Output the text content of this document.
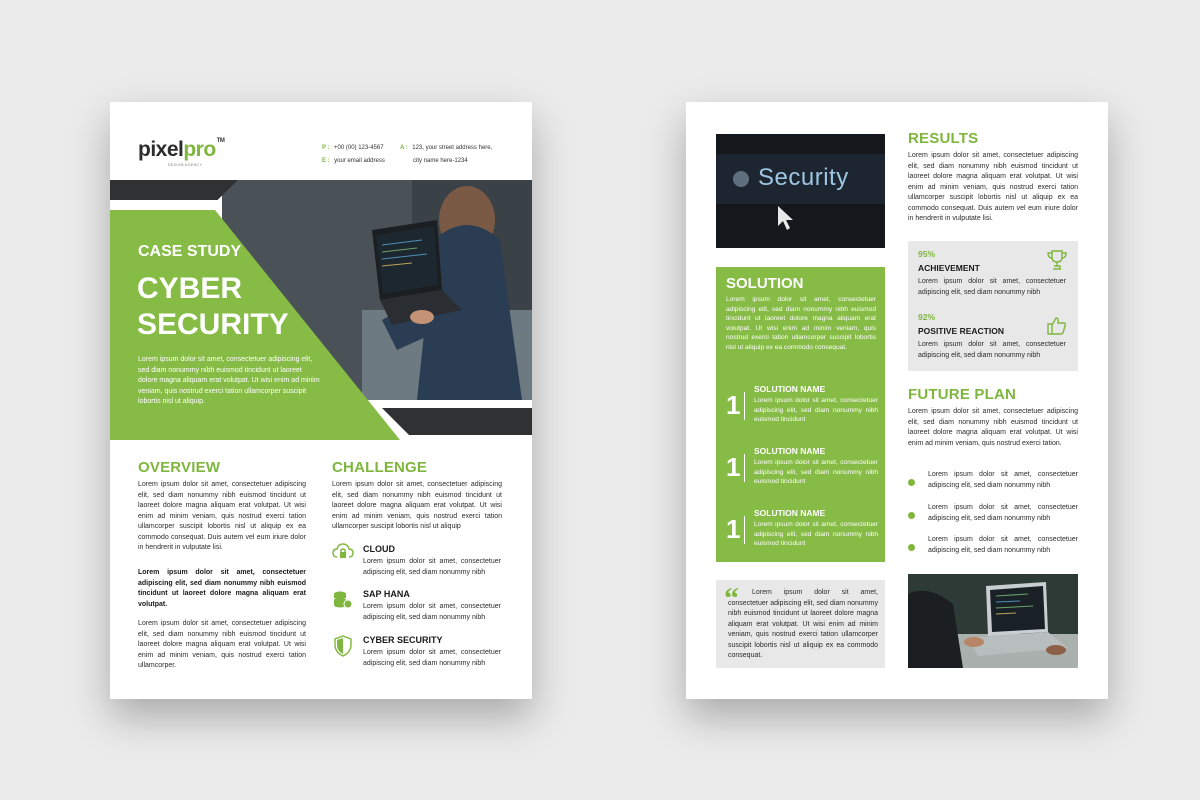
pixelpro™
DESIGN AGENCY
P : +00 (00) 123-4567
E : your email address
A : 123, your street address here,
city name here-1234
CASE STUDY
CYBER
SECURITY
Lorem ipsum dolor sit amet, consectetuer adipiscing elit, sed diam nonummy nibh euismod tincidunt ut laoreet dolore magna aliquam erat volutpat. Ut wisi enim ad minim veniam, quis nostrud exerci tation ullamcorper suscipit lobortis nisl ut aliquip.
OVERVIEW
Lorem ipsum dolor sit amet, consectetuer adipiscing elit, sed diam nonummy nibh euismod tincidunt ut laoreet dolore magna aliquam erat volutpat. Ut wisi enim ad minim veniam, quis nostrud exerci tation ullamcorper suscipit lobortis nisl ut aliquip ex ea commodo consequat. Duis autem vel eum iriure dolor in hendrerit in vulputate lisi.
Lorem ipsum dolor sit amet, consectetuer adipiscing elit, sed diam nonummy nibh euismod tincidunt ut laoreet dolore magna aliquam erat volutpat.
Lorem ipsum dolor sit amet, consectetuer adipiscing elit, sed diam nonummy nibh euismod tincidunt ut laoreet dolore magna aliquam erat volutpat. Ut wisi enim ad minim veniam, quis nostrud exerci tation ullamcorper.
CHALLENGE
Lorem ipsum dolor sit amet, consectetuer adipiscing elit, sed diam nonummy nibh euismod tincidunt ut laoreet dolore magna aliquam erat volutpat. Ut wisi enim ad minim veniam, quis nostrud exerci tation ullamcorper suscipit lobortis nisl ut aliquip
CLOUD
Lorem ipsum dolor sit amet, consectetuer adipiscing elit, sed diam nonummy nibh
SAP HANA
Lorem ipsum dolor sit amet, consectetuer adipiscing elit, sed diam nonummy nibh
CYBER SECURITY
Lorem ipsum dolor sit amet, consectetuer adipiscing elit, sed diam nonummy nibh
Security
SOLUTION
Lorem ipsum dolor sit amet, consectetuer adipiscing elit, sed diam nonummy nibh euismod tincidunt ut laoreet dolore magna aliquam erat volutpat. Ut wisi enim ad minim veniam, quis nostrud exerci tation ullamcorper suscipit lobortis nisl ut aliquip ex ea commodo consequat.
1
SOLUTION NAME
Lorem ipsum dolor sit amet, consectetuer adipiscing elit, sed diam nonummy nibh euismod tincidunt
1
SOLUTION NAME
Lorem ipsum dolor sit amet, consectetuer adipiscing elit, sed diam nonummy nibh euismod tincidunt
1
SOLUTION NAME
Lorem ipsum dolor sit amet, consectetuer adipiscing elit, sed diam nonummy nibh euismod tincidunt
“	Lorem ipsum dolor sit amet, consectetuer adipiscing elit, sed diam nonummy nibh euismod tincidunt ut laoreet dolore magna aliquam erat volutpat. Ut wisi enim ad minim veniam, quis nostrud exerci tation ullamcorper suscipit lobortis nisl ut aliquip ex ea commodo consequat.
RESULTS
Lorem ipsum dolor sit amet, consectetuer adipiscing elit, sed diam nonummy nibh euismod tincidunt ut laoreet dolore magna aliquam erat volutpat. Ut wisi enim ad minim veniam, quis nostrud exerci tation ullamcorper suscipit lobortis nisl ut aliquip ex ea commodo consequat. Duis autem vel eum iriure dolor in hendrerit in vulputate lisi.
95%
ACHIEVEMENT
Lorem ipsum dolor sit amet, consectetuer adipiscing elit, sed diam nonummy nibh
92%
POSITIVE REACTION
Lorem ipsum dolor sit amet, consectetuer adipiscing elit, sed diam nonummy nibh
FUTURE PLAN
Lorem ipsum dolor sit amet, consectetuer adipiscing elit, sed diam nonummy nibh euismod tincidunt ut laoreet dolore magna aliquam erat volutpat. Ut wisi enim ad minim veniam, quis nostrud exerci tation.
Lorem ipsum dolor sit amet, consectetuer adipiscing elit, sed diam nonummy nibh
Lorem ipsum dolor sit amet, consectetuer adipiscing elit, sed diam nonummy nibh
Lorem ipsum dolor sit amet, consectetuer adipiscing elit, sed diam nonummy nibh
